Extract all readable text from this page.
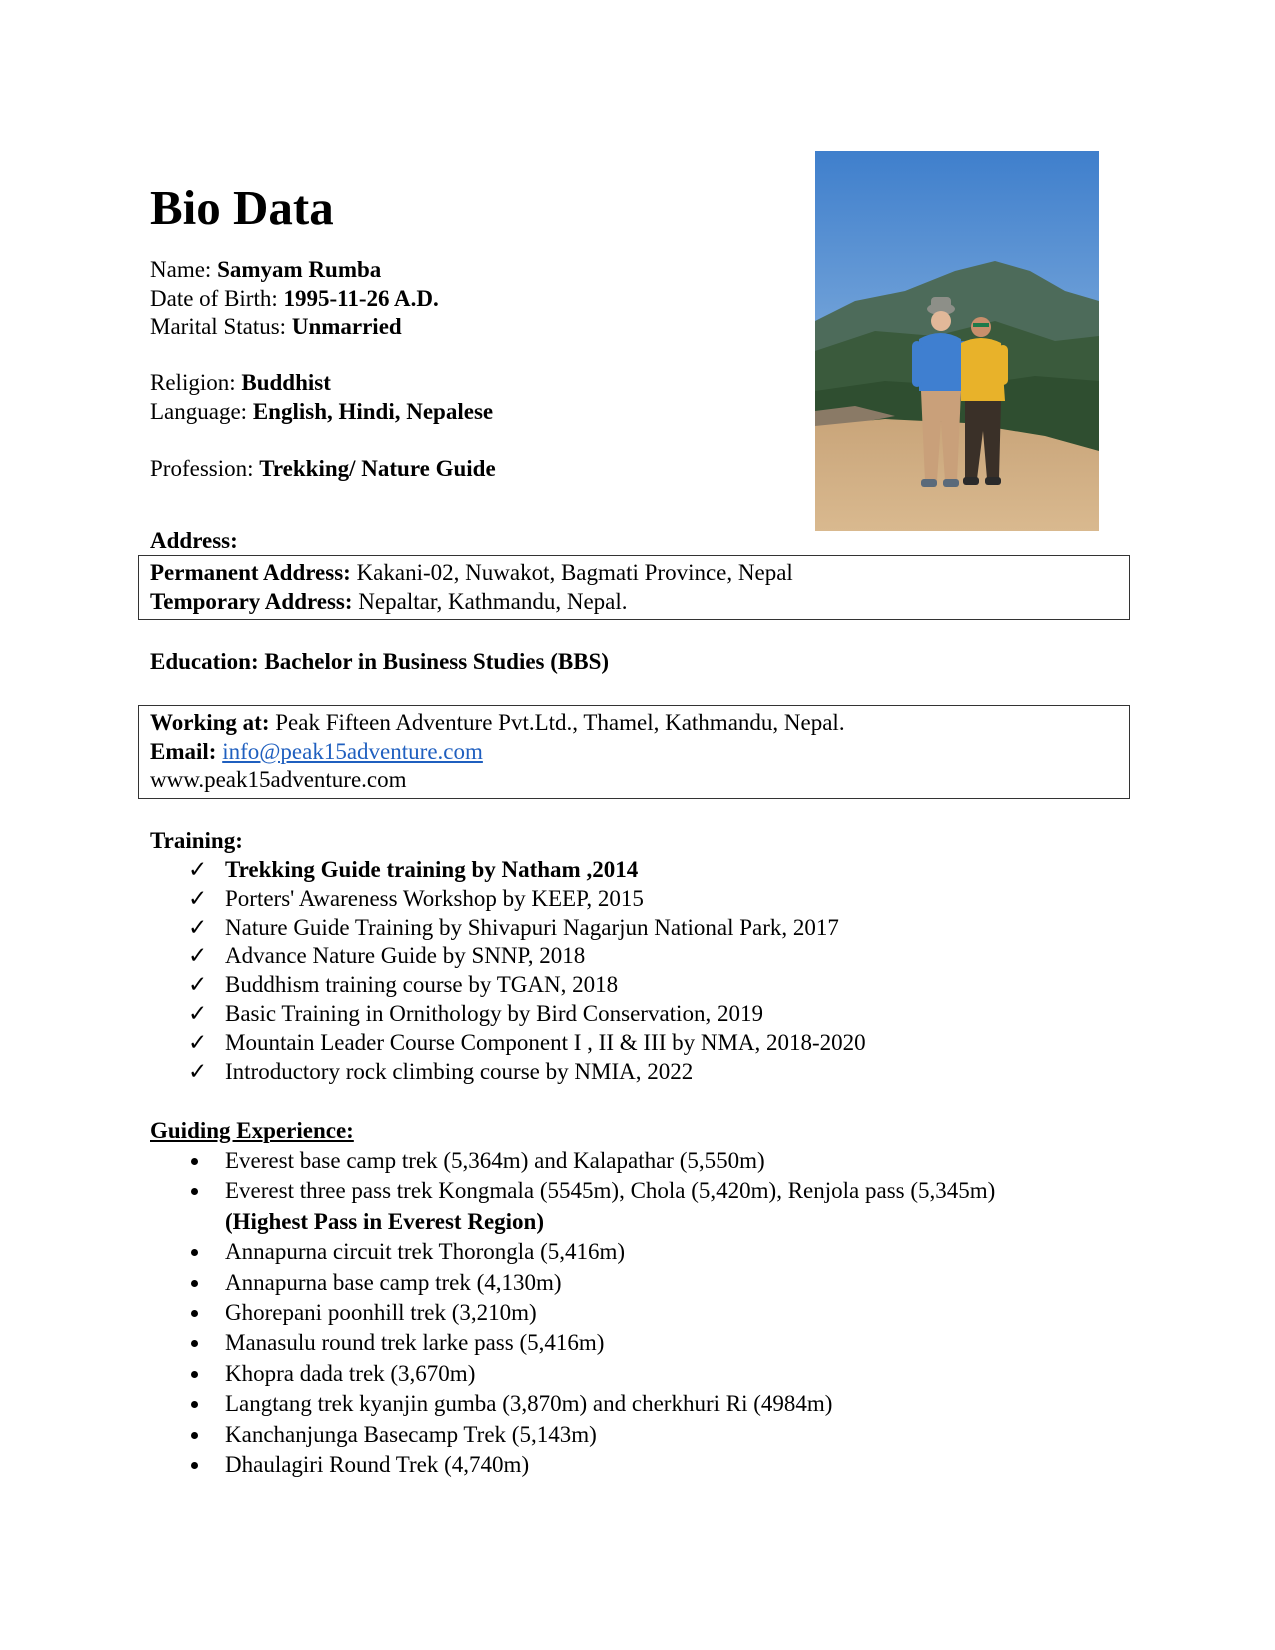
Bio Data
Name: Samyam Rumba
Date of Birth: 1995-11-26 A.D.
Marital Status: Unmarried
Religion: Buddhist
Language: English, Hindi, Nepalese
Profession: Trekking/ Nature Guide
Address:
Permanent Address: Kakani-02, Nuwakot, Bagmati Province, Nepal
Temporary Address: Nepaltar, Kathmandu, Nepal.
Education: Bachelor in Business Studies (BBS)
Working at: Peak Fifteen Adventure Pvt.Ltd., Thamel, Kathmandu, Nepal.
Email: info@peak15adventure.com
www.peak15adventure.com
Training:
✓ Trekking Guide training by Natham ,2014
✓ Porters' Awareness Workshop by KEEP, 2015
✓ Nature Guide Training by Shivapuri Nagarjun National Park, 2017
✓ Advance Nature Guide by SNNP, 2018
✓ Buddhism training course by TGAN, 2018
✓ Basic Training in Ornithology by Bird Conservation, 2019
✓ Mountain Leader Course Component I , II & III by NMA, 2018-2020
✓ Introductory rock climbing course by NMIA, 2022
Guiding Experience:
Everest base camp trek (5,364m) and Kalapathar (5,550m)
Everest three pass trek Kongmala (5545m), Chola (5,420m), Renjola pass (5,345m)
(Highest Pass in Everest Region)
Annapurna circuit trek Thorongla (5,416m)
Annapurna base camp trek (4,130m)
Ghorepani poonhill trek (3,210m)
Manasulu round trek larke pass (5,416m)
Khopra dada trek (3,670m)
Langtang trek kyanjin gumba (3,870m) and cherkhuri Ri (4984m)
Kanchanjunga Basecamp Trek (5,143m)
Dhaulagiri Round Trek (4,740m)
